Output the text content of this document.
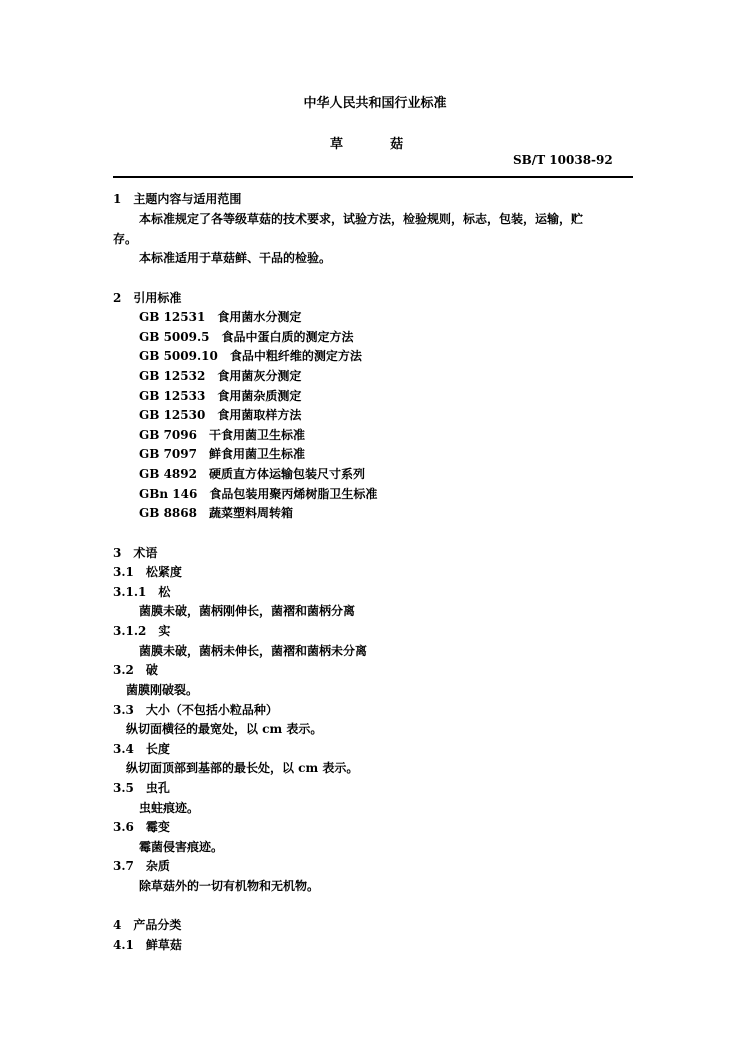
中华人民共和国行业标准
草	菇
SB/T 10038-92
1　主题内容与适用范围
本标准规定了各等级草菇的技术要求，试验方法，检验规则，标志，包装，运输，贮
存。
本标准适用于草菇鲜、干品的检验。
2　引用标准
GB 12531　 食用菌水分测定
GB 5009.5　 食品中蛋白质的测定方法
GB 5009.10　 食品中粗纤维的测定方法
GB 12532　 食用菌灰分测定
GB 12533　 食用菌杂质测定
GB 12530　 食用菌取样方法
GB 7096　 干食用菌卫生标准
GB 7097　 鲜食用菌卫生标准
GB 4892　 硬质直方体运输包装尺寸系列
GBn 146　 食品包装用聚丙烯树脂卫生标准
GB 8868　 蔬菜塑料周转箱
3　术语
3.1　松紧度
3.1.1　松
菌膜未破，菌柄刚伸长，菌褶和菌柄分离
3.1.2　实
菌膜未破，菌柄未伸长，菌褶和菌柄未分离
3.2　破
菌膜刚破裂。
3.3　大小（不包括小粒品种）
纵切面横径的最宽处，以 cm 表示。
3.4　长度
纵切面顶部到基部的最长处，以 cm 表示。
3.5　虫孔
虫蛀痕迹。
3.6　霉变
霉菌侵害痕迹。
3.7　杂质
除草菇外的一切有机物和无机物。
4　产品分类
4.1　鲜草菇
